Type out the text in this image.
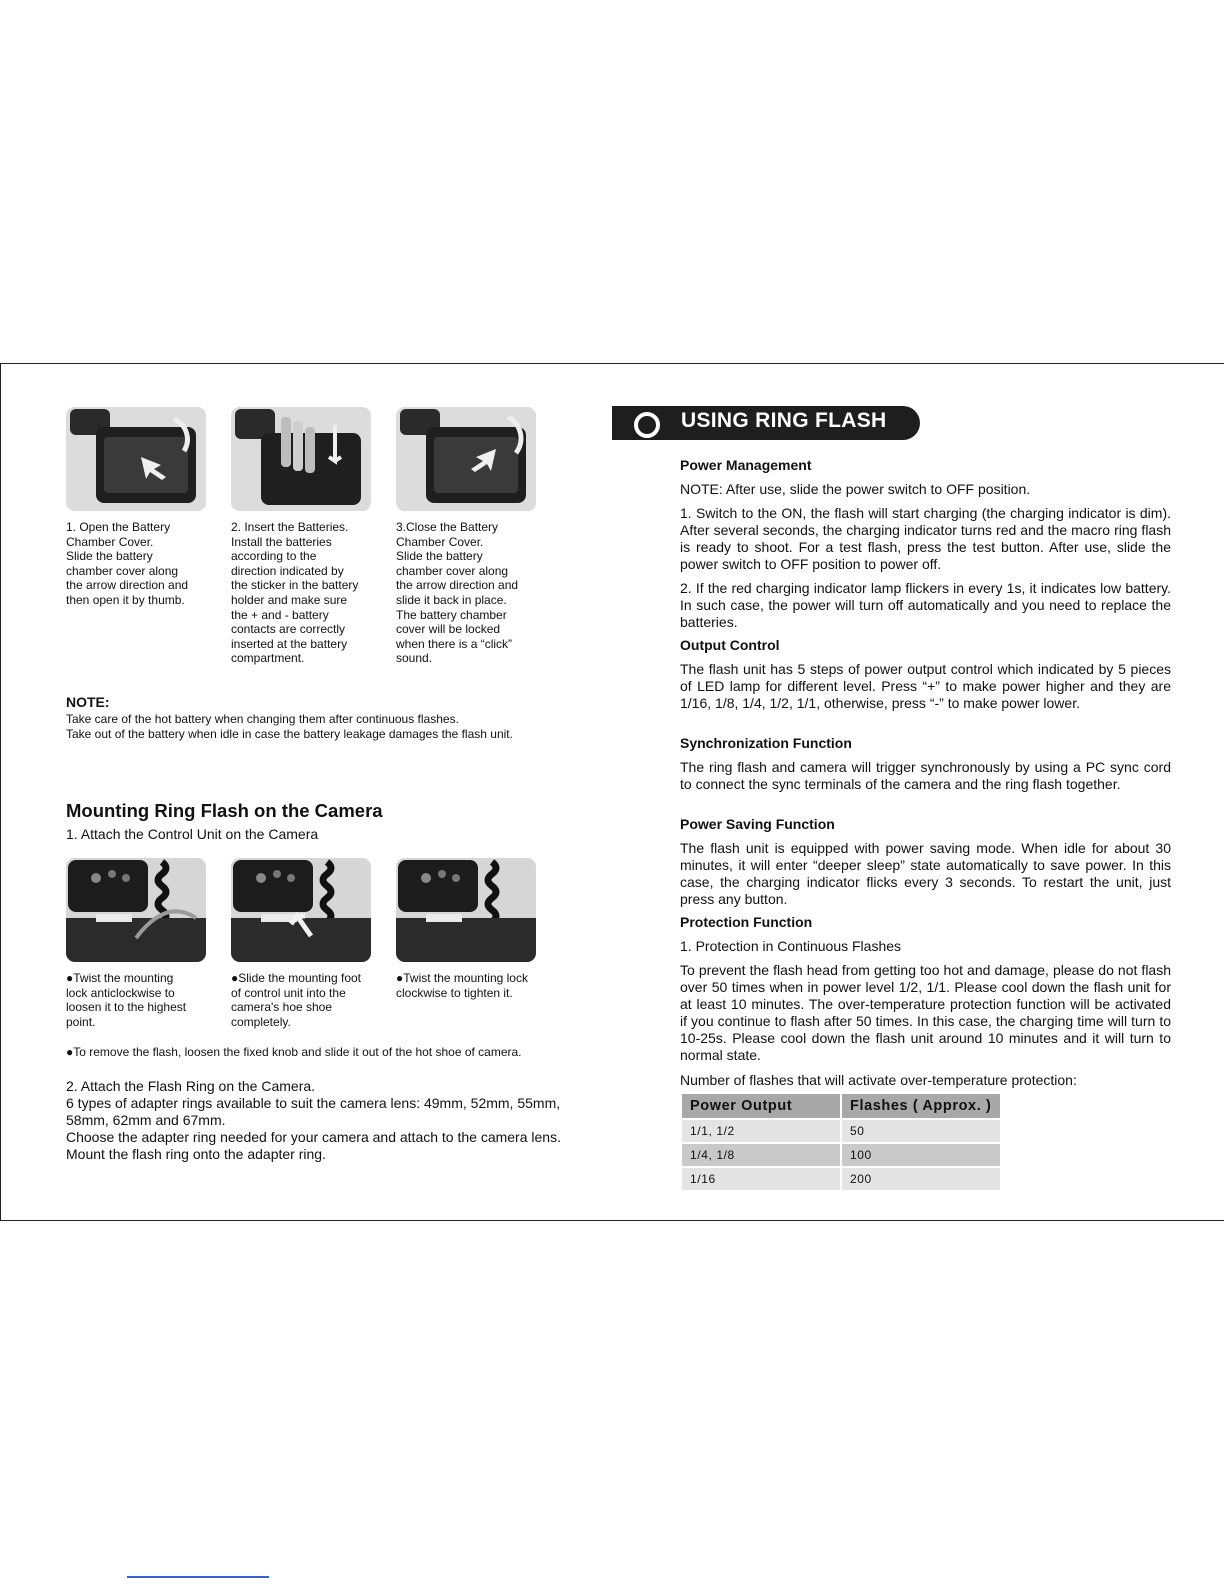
1. Open the Battery
Chamber Cover.
Slide the battery
chamber cover along
the arrow direction and
then open it by thumb.
2. Insert the Batteries.
Install the batteries
according to the
direction indicated by
the sticker in the battery
holder and make sure
the + and - battery
contacts are correctly
inserted at the battery
compartment.
3.Close the Battery
Chamber Cover.
Slide the battery
chamber cover along
the arrow direction and
slide it back in place.
The battery chamber
cover will be locked
when there is a “click”
sound.
NOTE:
Take care of the hot battery when changing them after continuous flashes.
Take out of the battery when idle in case the battery leakage damages the flash unit.
Mounting Ring Flash on the Camera
1. Attach the Control Unit on the Camera
●Twist the mounting
lock anticlockwise to
loosen it to the highest
point.
●Slide the mounting foot
of control unit into the
camera's hoe shoe
completely.
●Twist the mounting lock
clockwise to tighten it.
●To remove the flash, loosen the fixed knob and slide it out of the hot shoe of camera.
2. Attach the Flash Ring on the Camera.
6 types of adapter rings available to suit the camera lens: 49mm, 52mm, 55mm, 58mm, 62mm and 67mm.
Choose the adapter ring needed for your camera and attach to the camera lens.
Mount the flash ring onto the adapter ring.
USING RING FLASH
Power Management
NOTE: After use, slide the power switch to OFF position.
1. Switch to the ON, the flash will start charging (the charging indicator is dim). After several seconds, the charging indicator turns red and the macro ring flash is ready to shoot. For a test flash, press the test button. After use, slide the power switch to OFF position to power off.
2. If the red charging indicator lamp flickers in every 1s, it indicates low battery. In such case, the power will turn off automatically and you need to replace the batteries.
Output Control
The flash unit has 5 steps of power output control which indicated by 5 pieces of LED lamp for different level. Press “+” to make power higher and they are 1/16, 1/8, 1/4, 1/2, 1/1, otherwise, press “-” to make power lower.
Synchronization Function
The ring flash and camera will trigger synchronously by using a PC sync cord to connect the sync terminals of the camera and the ring flash together.
Power Saving Function
The flash unit is equipped with power saving mode. When idle for about 30 minutes, it will enter “deeper sleep” state automatically to save power. In this case, the charging indicator flicks every 3 seconds. To restart the unit, just press any button.
Protection Function
1. Protection in Continuous Flashes
To prevent the flash head from getting too hot and damage, please do not flash over 50 times when in power level 1/2, 1/1. Please cool down the flash unit for at least 10 minutes. The over-temperature protection function will be activated if you continue to flash after 50 times. In this case, the charging time will turn to 10-25s. Please cool down the flash unit around 10 minutes and it will turn to normal state.
Number of flashes that will activate over-temperature protection:
Power Output	Flashes ( Approx. )
1/1, 1/2	50
1/4, 1/8	100
1/16	200
